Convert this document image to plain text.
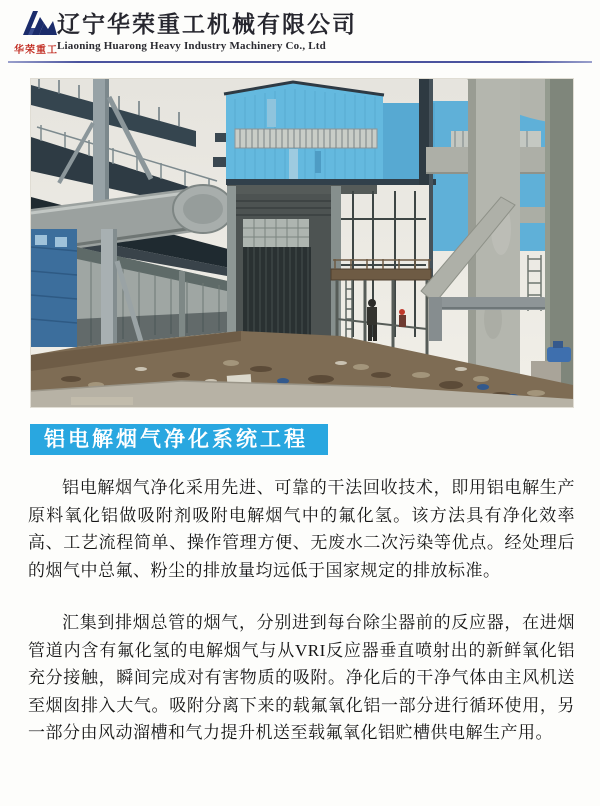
华荣重工
辽宁华荣重工机械有限公司
Liaoning Huarong Heavy Industry Machinery Co., Ltd
铝电解烟气净化系统工程

铝电解烟气净化采用先进、可靠的干法回收技术，即用铝电解生产原料氧化铝做吸附剂吸附电解烟气中的氟化氢。该方法具有净化效率高、工艺流程简单、操作管理方便、无废水二次污染等优点。经处理后的烟气中总氟、粉尘的排放量均远低于国家规定的排放标准。

汇集到排烟总管的烟气，分别进到每台除尘器前的反应器，在进烟管道内含有氟化氢的电解烟气与从VRI反应器垂直喷射出的新鲜氧化铝充分接触，瞬间完成对有害物质的吸附。净化后的干净气体由主风机送至烟囱排入大气。吸附分离下来的载氟氧化铝一部分进行循环使用，另一部分由风动溜槽和气力提升机送至载氟氧化铝贮槽供电解生产用。
